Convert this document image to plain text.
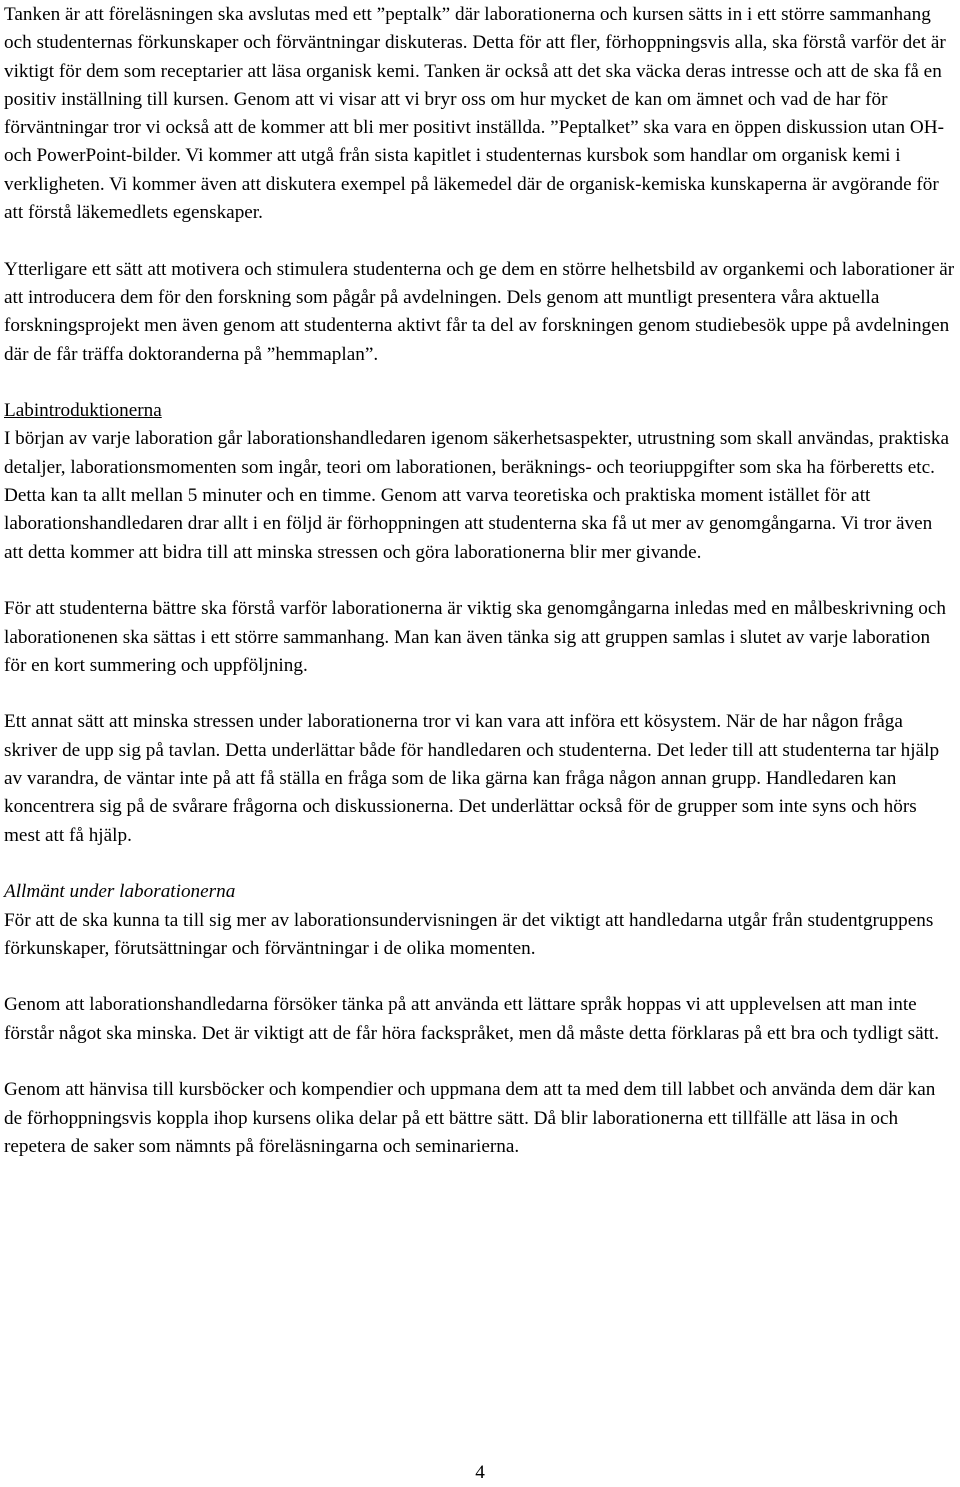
Tanken är att föreläsningen ska avslutas med ett ”peptalk” där laborationerna och kursen sätts in i ett större sammanhang och studenternas förkunskaper och förväntningar diskuteras. Detta för att fler, förhoppningsvis alla, ska förstå varför det är viktigt för dem som receptarier att läsa organisk kemi. Tanken är också att det ska väcka deras intresse och att de ska få en positiv inställning till kursen. Genom att vi visar att vi bryr oss om hur mycket de kan om ämnet och vad de har för förväntningar tror vi också att de kommer att bli mer positivt inställda. ”Peptalket” ska vara en öppen diskussion utan OH- och PowerPoint-bilder. Vi kommer att utgå från sista kapitlet i studenternas kursbok som handlar om organisk kemi i verkligheten. Vi kommer även att diskutera exempel på läkemedel där de organisk-kemiska kunskaperna är avgörande för att förstå läkemedlets egenskaper.

Ytterligare ett sätt att motivera och stimulera studenterna och ge dem en större helhetsbild av organkemi och laborationer är att introducera dem för den forskning som pågår på avdelningen. Dels genom att muntligt presentera våra aktuella forskningsprojekt men även genom att studenterna aktivt får ta del av forskningen genom studiebesök uppe på avdelningen där de får träffa doktoranderna på ”hemmaplan”.

Labintroduktionerna

I början av varje laboration går laborationshandledaren igenom säkerhetsaspekter, utrustning som skall användas, praktiska detaljer, laborationsmomenten som ingår, teori om laborationen, beräknings- och teoriuppgifter som ska ha förberetts etc. Detta kan ta allt mellan 5 minuter och en timme. Genom att varva teoretiska och praktiska moment istället för att laborationshandledaren drar allt i en följd är förhoppningen att studenterna ska få ut mer av genomgångarna. Vi tror även att detta kommer att bidra till att minska stressen och göra laborationerna blir mer givande.

För att studenterna bättre ska förstå varför laborationerna är viktig ska genomgångarna inledas med en målbeskrivning och laborationenen ska sättas i ett större sammanhang. Man kan även tänka sig att gruppen samlas i slutet av varje laboration för en kort summering och uppföljning.

Ett annat sätt att minska stressen under laborationerna tror vi kan vara att införa ett kösystem. När de har någon fråga skriver de upp sig på tavlan. Detta underlättar både för handledaren och studenterna. Det leder till att studenterna tar hjälp av varandra, de väntar inte på att få ställa en fråga som de lika gärna kan fråga någon annan grupp. Handledaren kan koncentrera sig på de svårare frågorna och diskussionerna. Det underlättar också för de grupper som inte syns och hörs mest att få hjälp.

Allmänt under laborationerna

För att de ska kunna ta till sig mer av laborationsundervisningen är det viktigt att handledarna utgår från studentgruppens förkunskaper, förutsättningar och förväntningar i de olika momenten.

Genom att laborationshandledarna försöker tänka på att använda ett lättare språk hoppas vi att upplevelsen att man inte förstår något ska minska. Det är viktigt att de får höra fackspråket, men då måste detta förklaras på ett bra och tydligt sätt.

Genom att hänvisa till kursböcker och kompendier och uppmana dem att ta med dem till labbet och använda dem där kan de förhoppningsvis koppla ihop kursens olika delar på ett bättre sätt. Då blir laborationerna ett tillfälle att läsa in och repetera de saker som nämnts på föreläsningarna och seminarierna.

4
